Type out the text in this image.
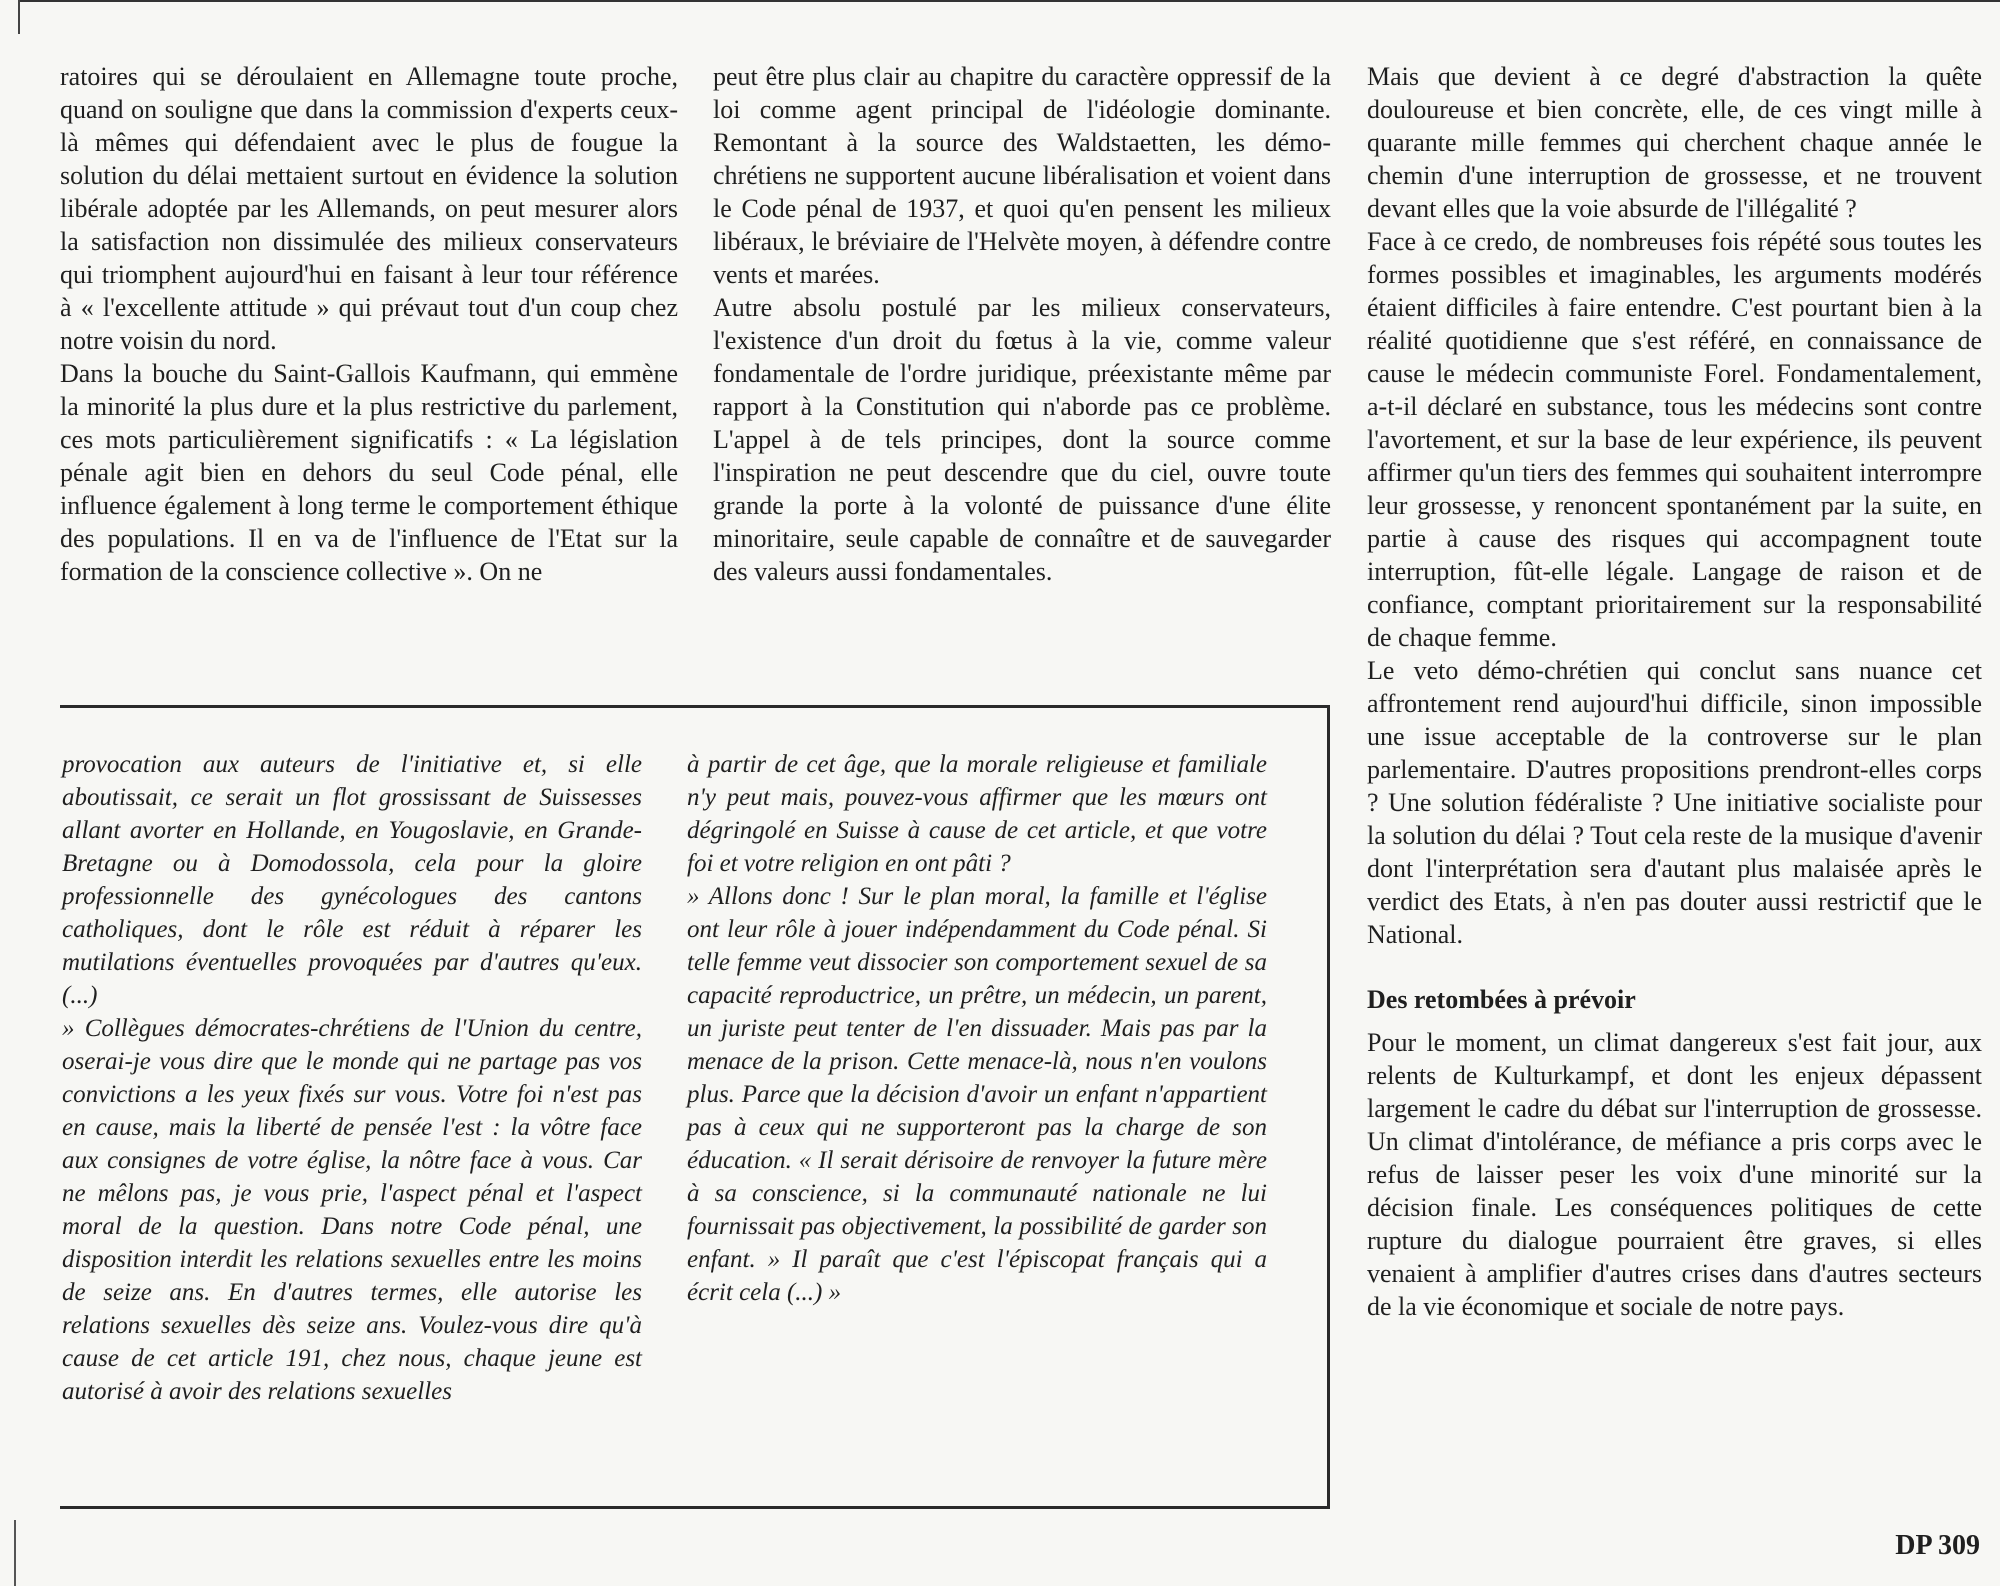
ratoires qui se déroulaient en Allemagne toute proche, quand on souligne que dans la commission d'experts ceux-là mêmes qui défendaient avec le plus de fougue la solution du délai mettaient surtout en évidence la solution libérale adoptée par les Allemands, on peut mesurer alors la satisfaction non dissimulée des milieux conservateurs qui triomphent aujourd'hui en faisant à leur tour référence à « l'excellente attitude » qui prévaut tout d'un coup chez notre voisin du nord.

Dans la bouche du Saint-Gallois Kaufmann, qui emmène la minorité la plus dure et la plus restrictive du parlement, ces mots particulièrement significatifs : « La législation pénale agit bien en dehors du seul Code pénal, elle influence également à long terme le comportement éthique des populations. Il en va de l'influence de l'Etat sur la formation de la conscience collective ». On ne

peut être plus clair au chapitre du caractère oppressif de la loi comme agent principal de l'idéologie dominante. Remontant à la source des Waldstaetten, les démo-chrétiens ne supportent aucune libéralisation et voient dans le Code pénal de 1937, et quoi qu'en pensent les milieux libéraux, le bréviaire de l'Helvète moyen, à défendre contre vents et marées.

Autre absolu postulé par les milieux conservateurs, l'existence d'un droit du fœtus à la vie, comme valeur fondamentale de l'ordre juridique, préexistante même par rapport à la Constitution qui n'aborde pas ce problème. L'appel à de tels principes, dont la source comme l'inspiration ne peut descendre que du ciel, ouvre toute grande la porte à la volonté de puissance d'une élite minoritaire, seule capable de connaître et de sauvegarder des valeurs aussi fondamentales.

Mais que devient à ce degré d'abstraction la quête douloureuse et bien concrète, elle, de ces vingt mille à quarante mille femmes qui cherchent chaque année le chemin d'une interruption de grossesse, et ne trouvent devant elles que la voie absurde de l'illégalité ?

Face à ce credo, de nombreuses fois répété sous toutes les formes possibles et imaginables, les arguments modérés étaient difficiles à faire entendre. C'est pourtant bien à la réalité quotidienne que s'est référé, en connaissance de cause le médecin communiste Forel. Fondamentalement, a-t-il déclaré en substance, tous les médecins sont contre l'avortement, et sur la base de leur expérience, ils peuvent affirmer qu'un tiers des femmes qui souhaitent interrompre leur grossesse, y renoncent spontanément par la suite, en partie à cause des risques qui accompagnent toute interruption, fût-elle légale. Langage de raison et de confiance, comptant prioritairement sur la responsabilité de chaque femme.

Le veto démo-chrétien qui conclut sans nuance cet affrontement rend aujourd'hui difficile, sinon impossible une issue acceptable de la controverse sur le plan parlementaire. D'autres propositions prendront-elles corps ? Une solution fédéraliste ? Une initiative socialiste pour la solution du délai ? Tout cela reste de la musique d'avenir dont l'interprétation sera d'autant plus malaisée après le verdict des Etats, à n'en pas douter aussi restrictif que le National.

Des retombées à prévoir

Pour le moment, un climat dangereux s'est fait jour, aux relents de Kulturkampf, et dont les enjeux dépassent largement le cadre du débat sur l'interruption de grossesse. Un climat d'intolérance, de méfiance a pris corps avec le refus de laisser peser les voix d'une minorité sur la décision finale. Les conséquences politiques de cette rupture du dialogue pourraient être graves, si elles venaient à amplifier d'autres crises dans d'autres secteurs de la vie économique et sociale de notre pays.

provocation aux auteurs de l'initiative et, si elle aboutissait, ce serait un flot grossissant de Suissesses allant avorter en Hollande, en Yougoslavie, en Grande-Bretagne ou à Domodossola, cela pour la gloire professionnelle des gynécologues des cantons catholiques, dont le rôle est réduit à réparer les mutilations éventuelles provoquées par d'autres qu'eux. (...)

» Collègues démocrates-chrétiens de l'Union du centre, oserai-je vous dire que le monde qui ne partage pas vos convictions a les yeux fixés sur vous. Votre foi n'est pas en cause, mais la liberté de pensée l'est : la vôtre face aux consignes de votre église, la nôtre face à vous. Car ne mêlons pas, je vous prie, l'aspect pénal et l'aspect moral de la question. Dans notre Code pénal, une disposition interdit les relations sexuelles entre les moins de seize ans. En d'autres termes, elle autorise les relations sexuelles dès seize ans. Voulez-vous dire qu'à cause de cet article 191, chez nous, chaque jeune est autorisé à avoir des relations sexuelles

à partir de cet âge, que la morale religieuse et familiale n'y peut mais, pouvez-vous affirmer que les mœurs ont dégringolé en Suisse à cause de cet article, et que votre foi et votre religion en ont pâti ?

» Allons donc ! Sur le plan moral, la famille et l'église ont leur rôle à jouer indépendamment du Code pénal. Si telle femme veut dissocier son comportement sexuel de sa capacité reproductrice, un prêtre, un médecin, un parent, un juriste peut tenter de l'en dissuader. Mais pas par la menace de la prison. Cette menace-là, nous n'en voulons plus. Parce que la décision d'avoir un enfant n'appartient pas à ceux qui ne supporteront pas la charge de son éducation. « Il serait dérisoire de renvoyer la future mère à sa conscience, si la communauté nationale ne lui fournissait pas objectivement, la possibilité de garder son enfant. » Il paraît que c'est l'épiscopat français qui a écrit cela (...) »

DP 309
